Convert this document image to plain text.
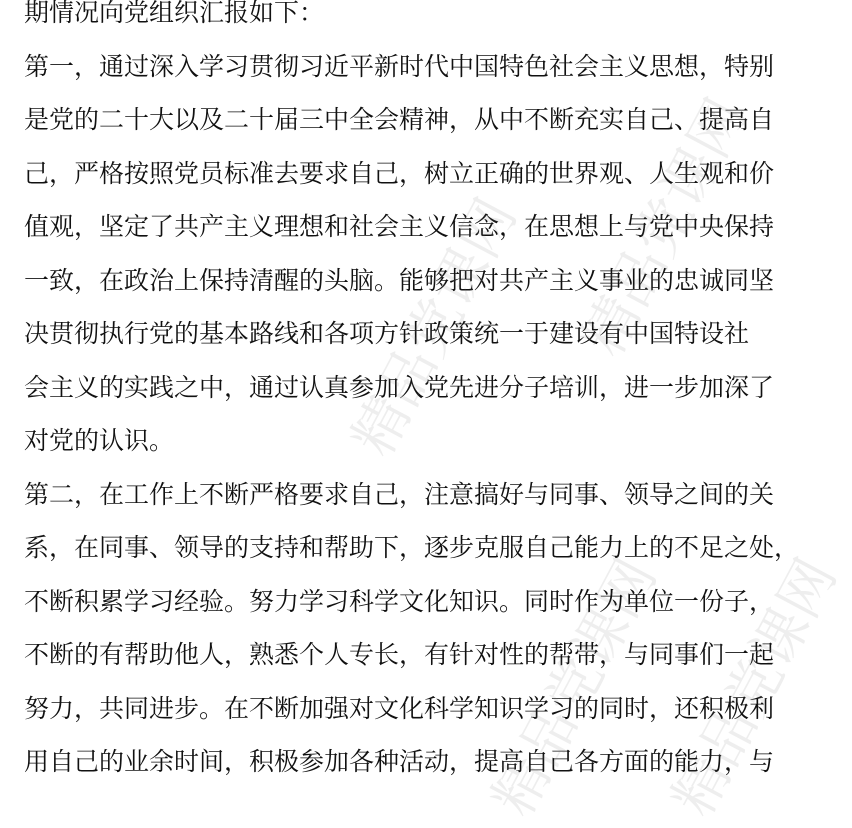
期情况向党组织汇报如下：
第一，通过深入学习贯彻习近平新时代中国特色社会主义思想，特别
是党的二十大以及二十届三中全会精神，从中不断充实自己、提高自
己，严格按照党员标准去要求自己，树立正确的世界观、人生观和价
值观，坚定了共产主义理想和社会主义信念，在思想上与党中央保持
一致，在政治上保持清醒的头脑。能够把对共产主义事业的忠诚同坚
决贯彻执行党的基本路线和各项方针政策统一于建设有中国特设社
会主义的实践之中，通过认真参加入党先进分子培训，进一步加深了
对党的认识。
第二，在工作上不断严格要求自己，注意搞好与同事、领导之间的关
系，在同事、领导的支持和帮助下，逐步克服自己能力上的不足之处，
不断积累学习经验。努力学习科学文化知识。同时作为单位一份子，
不断的有帮助他人，熟悉个人专长，有针对性的帮带，与同事们一起
努力，共同进步。在不断加强对文化科学知识学习的同时，还积极利
用自己的业余时间，积极参加各种活动，提高自己各方面的能力，与
精品党课网
精品党课网
精品党课网
精品党课网
